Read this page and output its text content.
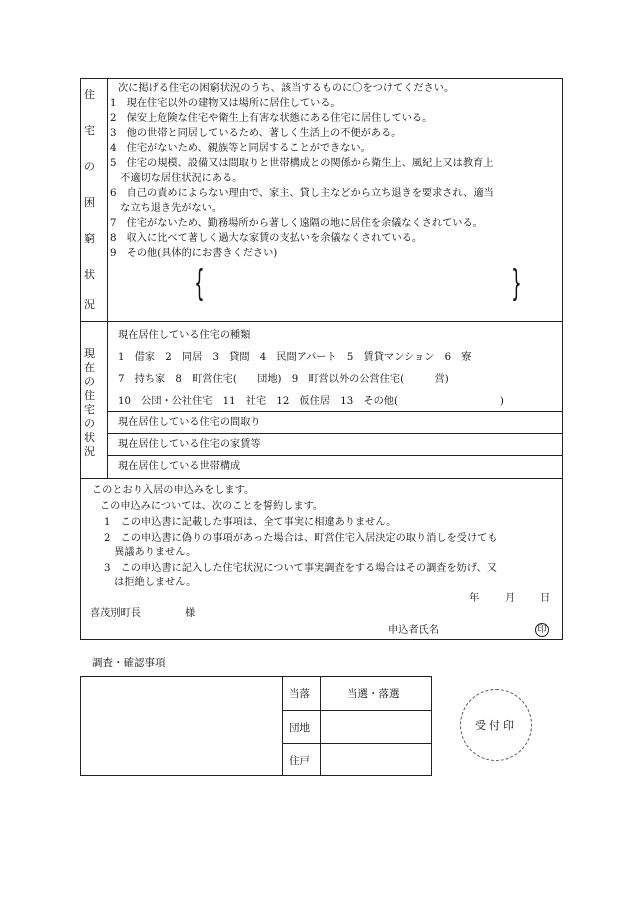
住
宅
の
困
窮
状
況
次に掲げる住宅の困窮状況のうち、該当するものに〇をつけてください。
1　現在住宅以外の建物又は場所に居住している。
2　保安上危険な住宅や衛生上有害な状態にある住宅に居住している。
3　他の世帯と同居しているため、著しく生活上の不便がある。
4　住宅がないため、親族等と同居することができない。
5　住宅の規模、設備又は間取りと世帯構成との関係から衛生上、風紀上又は教育上
　不適切な居住状況にある。
6　自己の責めによらない理由で、家主、貸し主などから立ち退きを要求され、適当
　な立ち退き先がない。
7　住宅がないため、勤務場所から著しく遠隔の地に居住を余儀なくされている。
8　収入に比べて著しく過大な家賃の支払いを余儀なくされている。
9　その他(具体的にお書きください)
{	}
現
在
の
住
宅
の
状
況
現在居住している住宅の種類
1　借家　2　同居　3　貸間　4　民間アパート　5　賃貸マンション　6　寮
7　持ち家　8　町営住宅(　　団地)　9　町営以外の公営住宅(　　　営)
10　公団・公社住宅　11　社宅　12　仮住居　13　その他(　　　　　　　　　　)
現在居住している住宅の間取り
現在居住している住宅の家賃等
現在居住している世帯構成
このとおり入居の申込みをします。
この申込みについては、次のことを誓約します。
1　この申込書に記載した事項は、全て事実に相違ありません。
2　この申込書に偽りの事項があった場合は、町営住宅入居決定の取り消しを受けても
　異議ありません。
3　この申込書に記入した住宅状況について事実調査をする場合はその調査を妨げ、又
　は拒絶しません。
年	月 日
喜茂別町長	様
申込者氏名	印
調査・確認事項
当落	当選・落選
団地
住戸
受付印
